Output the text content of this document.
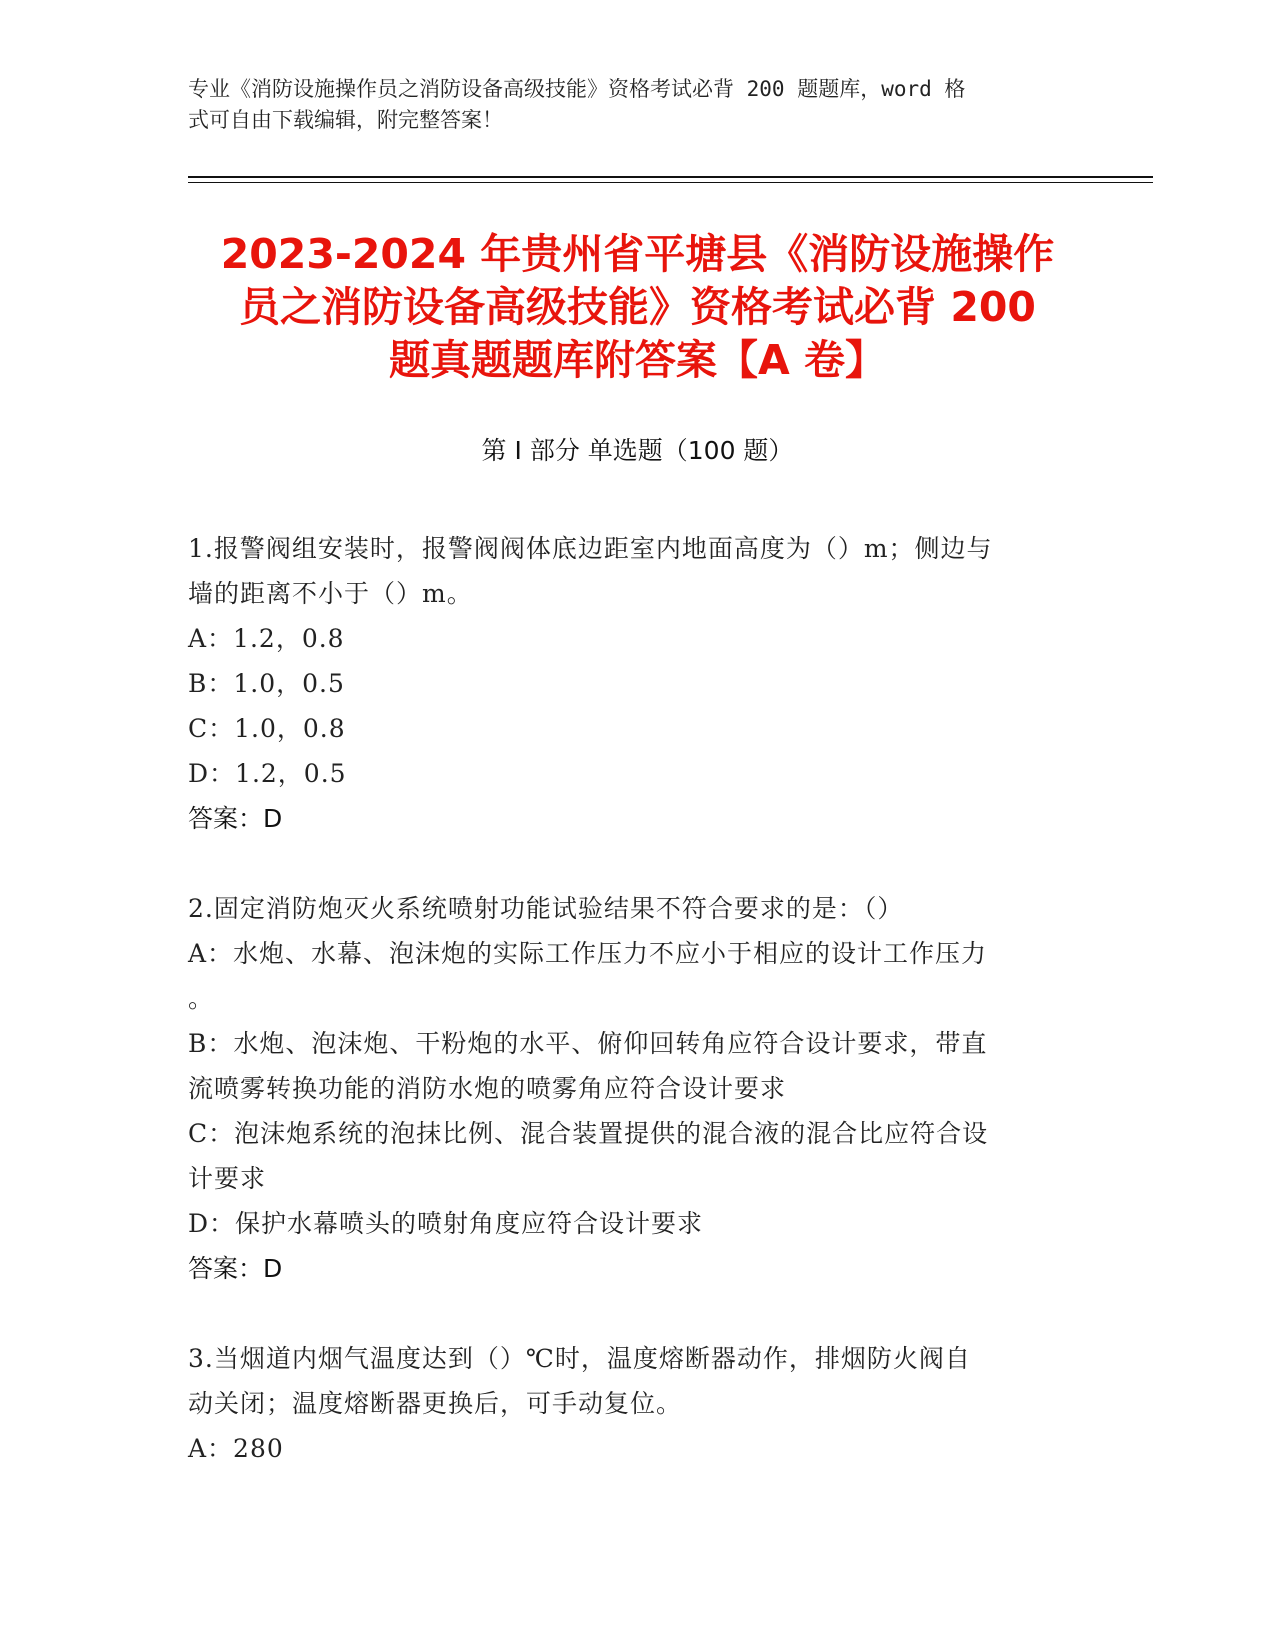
专业《消防设施操作员之消防设备高级技能》资格考试必背 200 题题库，word 格
式可自由下载编辑，附完整答案！
2023-2024 年贵州省平塘县《消防设施操作
员之消防设备高级技能》资格考试必背 200
题真题题库附答案【A 卷】
第 I 部分 单选题（100 题）

1.报警阀组安装时，报警阀阀体底边距室内地面高度为（）m；侧边与

墙的距离不小于（）m。

A：1.2，0.8

B：1.0，0.5

C：1.0，0.8

D：1.2，0.5

答案：D

2.固定消防炮灭火系统喷射功能试验结果不符合要求的是：（）

A：水炮、水幕、泡沫炮的实际工作压力不应小于相应的设计工作压力

。

B：水炮、泡沫炮、干粉炮的水平、俯仰回转角应符合设计要求，带直

流喷雾转换功能的消防水炮的喷雾角应符合设计要求

C：泡沫炮系统的泡抹比例、混合装置提供的混合液的混合比应符合设

计要求

D：保护水幕喷头的喷射角度应符合设计要求

答案：D

3.当烟道内烟气温度达到（）℃时，温度熔断器动作，排烟防火阀自

动关闭；温度熔断器更换后，可手动复位。

A：280
